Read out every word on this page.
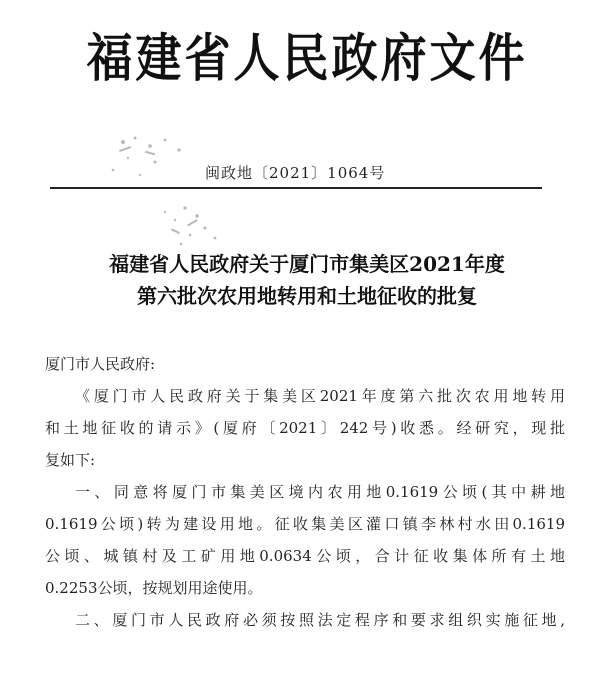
福建省人民政府文件
闽政地〔2021〕1064号
福建省人民政府关于厦门市集美区2021年度
第六批次农用地转用和土地征收的批复
厦门市人民政府:
《厦门市人民政府关于集美区2021年度第六批次农用地转用
和土地征收的请示》(厦府〔2021〕242号)收悉。经研究，现批
复如下:
一、同意将厦门市集美区境内农用地0.1619公顷(其中耕地
0.1619公顷)转为建设用地。征收集美区灌口镇李林村水田0.1619
公顷、城镇村及工矿用地0.0634公顷，合计征收集体所有土地
0.2253公顷，按规划用途使用。
二、厦门市人民政府必须按照法定程序和要求组织实施征地,
